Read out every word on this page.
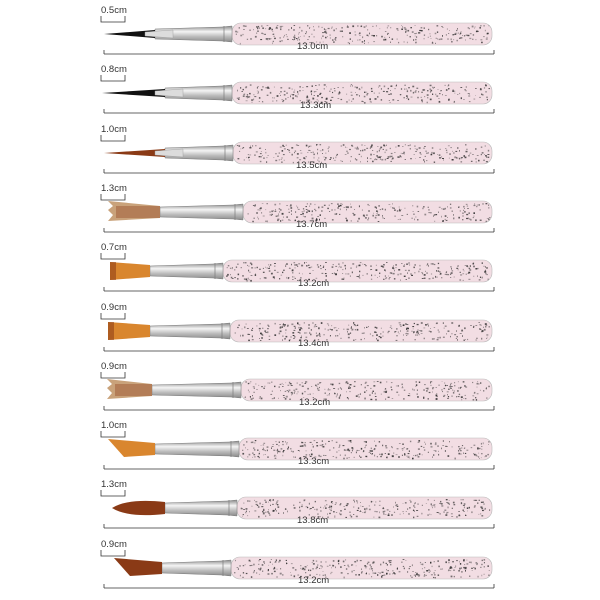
0.5cm
13.0cm
0.8cm
13.3cm
1.0cm
13.5cm
1.3cm
13.7cm
0.7cm
13.2cm
0.9cm
13.4cm
0.9cm
13.2cm
1.0cm
13.3cm
1.3cm
13.8cm
0.9cm
13.2cm
